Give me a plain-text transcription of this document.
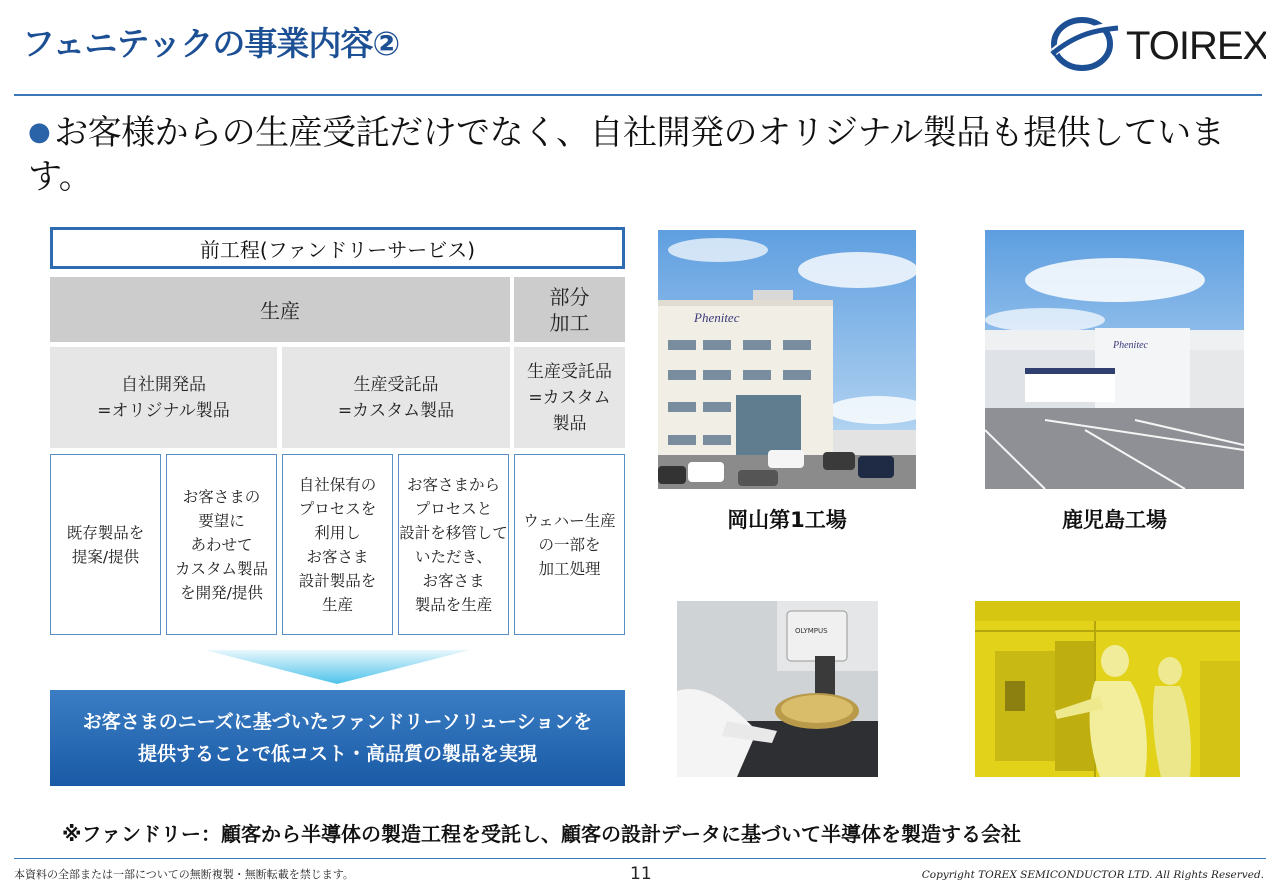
フェニテックの事業内容②	TOIREX
● お客様からの生産受託だけでなく、自社開発のオリジナル製品も提供しています。
前工程(ファンドリーサービス)
生産
部分
加工
自社開発品
=オリジナル製品
生産受託品
=カスタム製品
生産受託品
=カスタム
製品
既存製品を
提案/提供
お客さまの
要望に
あわせて
カスタム製品
を開発/提供
自社保有の
プロセスを
利用し
お客さま
設計製品を
生産
お客さまから
プロセスと
設計を移管して
いただき、
お客さま
製品を生産
ウェハー生産
の一部を
加工処理
お客さまのニーズに基づいたファンドリーソリューションを
提供することで低コスト・高品質の製品を実現
Phenitec
岡山第1工場
Phenitec
鹿児島工場
OLYMPUS
※ファンドリー：顧客から半導体の製造工程を受託し、顧客の設計データに基づいて半導体を製造する会社
本資料の全部または一部についての無断複製・無断転載を禁じます。	11	Copyright TOREX SEMICONDUCTOR LTD. All Rights Reserved.
